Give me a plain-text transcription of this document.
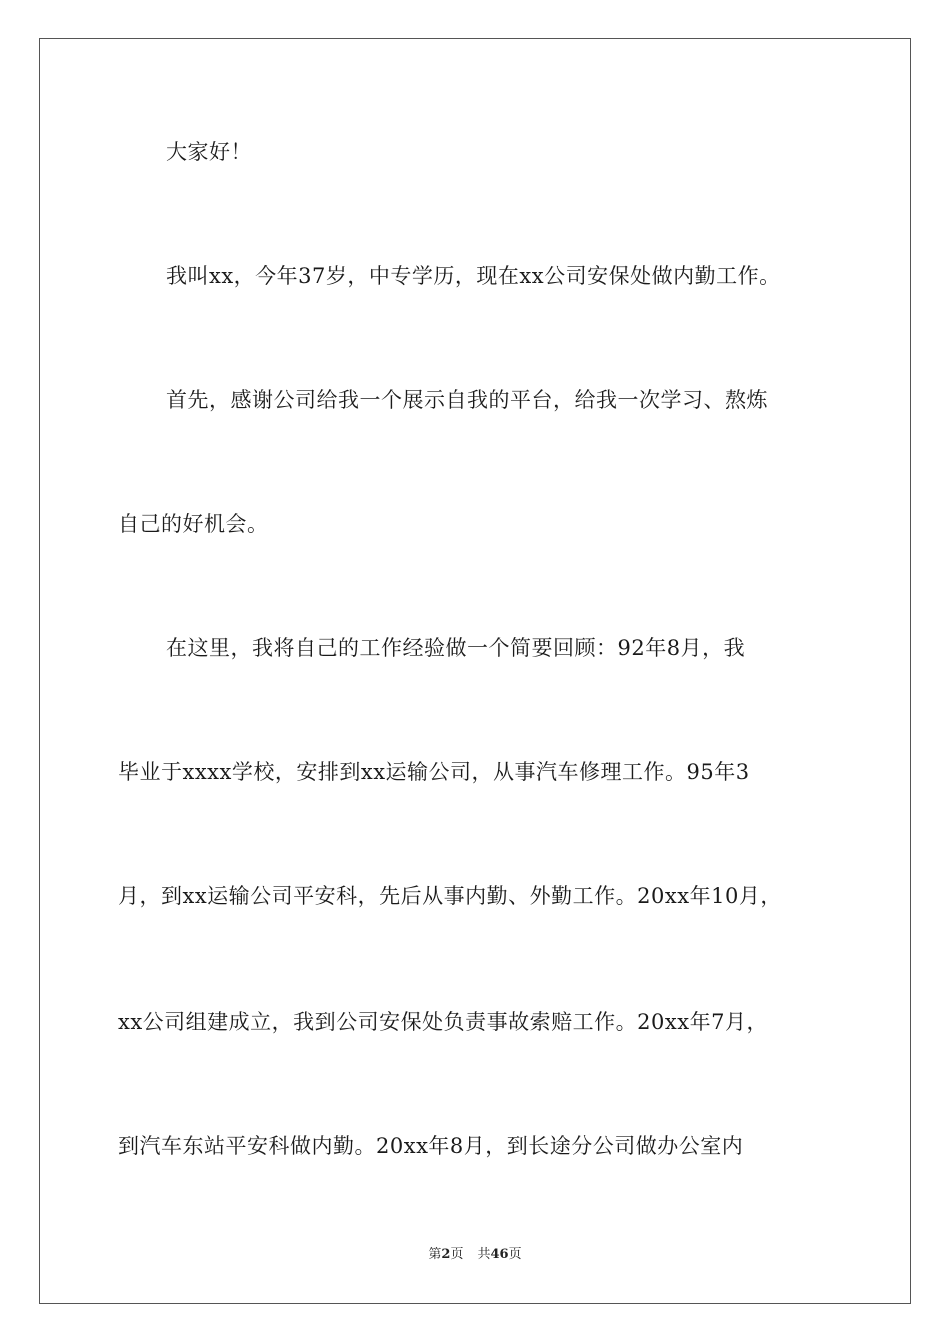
大家好！
我叫xx，今年37岁，中专学历，现在xx公司安保处做内勤工作。
首先，感谢公司给我一个展示自我的平台，给我一次学习、熬炼
自己的好机会。
在这里，我将自己的工作经验做一个简要回顾：92年8月，我
毕业于xxxx学校，安排到xx运输公司，从事汽车修理工作。95年3
月，到xx运输公司平安科，先后从事内勤、外勤工作。20xx年10月，
xx公司组建成立，我到公司安保处负责事故索赔工作。20xx年7月，
到汽车东站平安科做内勤。20xx年8月，到长途分公司做办公室内
第2页 共46页
